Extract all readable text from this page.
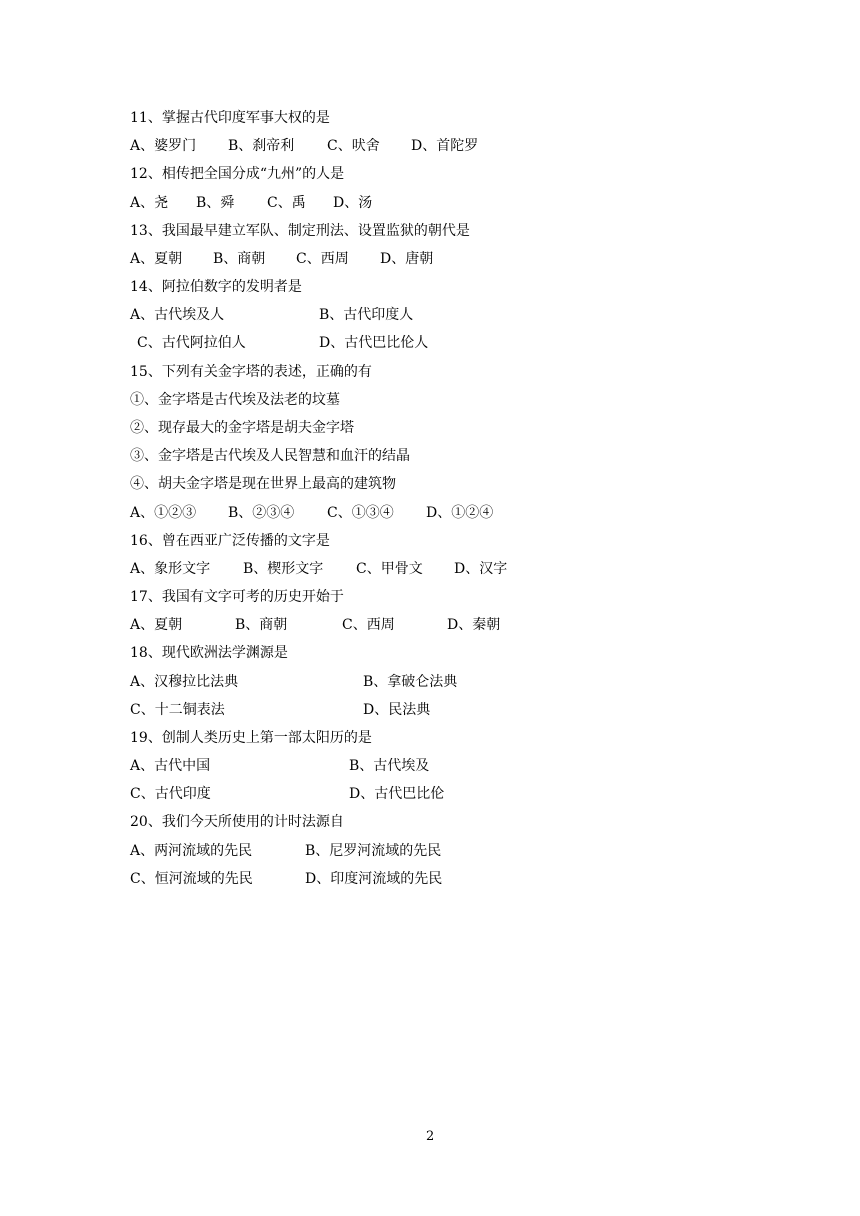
11、掌握古代印度军事大权的是
A、婆罗门 B、刹帝利 C、吠舍 D、首陀罗
12、相传把全国分成“九州”的人是
A、尧 B、舜 C、禹 D、汤
13、我国最早建立军队、制定刑法、设置监狱的朝代是
A、夏朝 B、商朝 C、西周 D、唐朝
14、阿拉伯数字的发明者是
A、古代埃及人	B、古代印度人
C、古代阿拉伯人	D、古代巴比伦人
15、下列有关金字塔的表述，正确的有
①、金字塔是古代埃及法老的坟墓
②、现存最大的金字塔是胡夫金字塔
③、金字塔是古代埃及人民智慧和血汗的结晶
④、胡夫金字塔是现在世界上最高的建筑物
A、①②③ B、②③④ C、①③④ D、①②④
16、曾在西亚广泛传播的文字是
A、象形文字 B、楔形文字 C、甲骨文 D、汉字
17、我国有文字可考的历史开始于
A、夏朝	B、商朝	C、西周	D、秦朝
18、现代欧洲法学渊源是
A、汉穆拉比法典	B、拿破仑法典
C、十二铜表法	D、民法典
19、创制人类历史上第一部太阳历的是
A、古代中国	B、古代埃及
C、古代印度	D、古代巴比伦
20、我们今天所使用的计时法源自
A、两河流域的先民	B、尼罗河流域的先民
C、恒河流域的先民	D、印度河流域的先民
2
